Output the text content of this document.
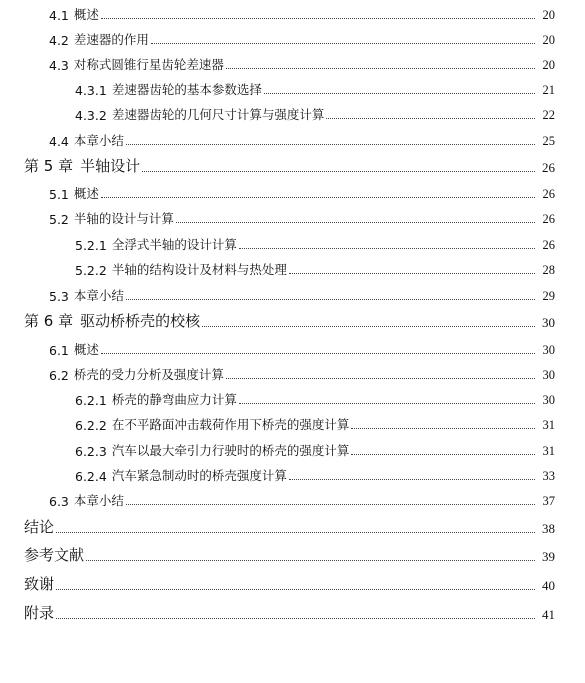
4.1 概述	20
4.2 差速器的作用	20
4.3 对称式圆锥行星齿轮差速器	20
4.3.1 差速器齿轮的基本参数选择	21
4.3.2 差速器齿轮的几何尺寸计算与强度计算	22
4.4 本章小结	25
第 5 章 半轴设计	26
5.1 概述	26
5.2 半轴的设计与计算	26
5.2.1 全浮式半轴的设计计算	26
5.2.2 半轴的结构设计及材料与热处理	28
5.3 本章小结	29
第 6 章 驱动桥桥壳的校核	30
6.1 概述	30
6.2 桥壳的受力分析及强度计算	30
6.2.1 桥壳的静弯曲应力计算	30
6.2.2 在不平路面冲击载荷作用下桥壳的强度计算	31
6.2.3 汽车以最大牵引力行驶时的桥壳的强度计算	31
6.2.4 汽车紧急制动时的桥壳强度计算	33
6.3 本章小结	37
结论	38
参考文献	39
致谢	40
附录	41
